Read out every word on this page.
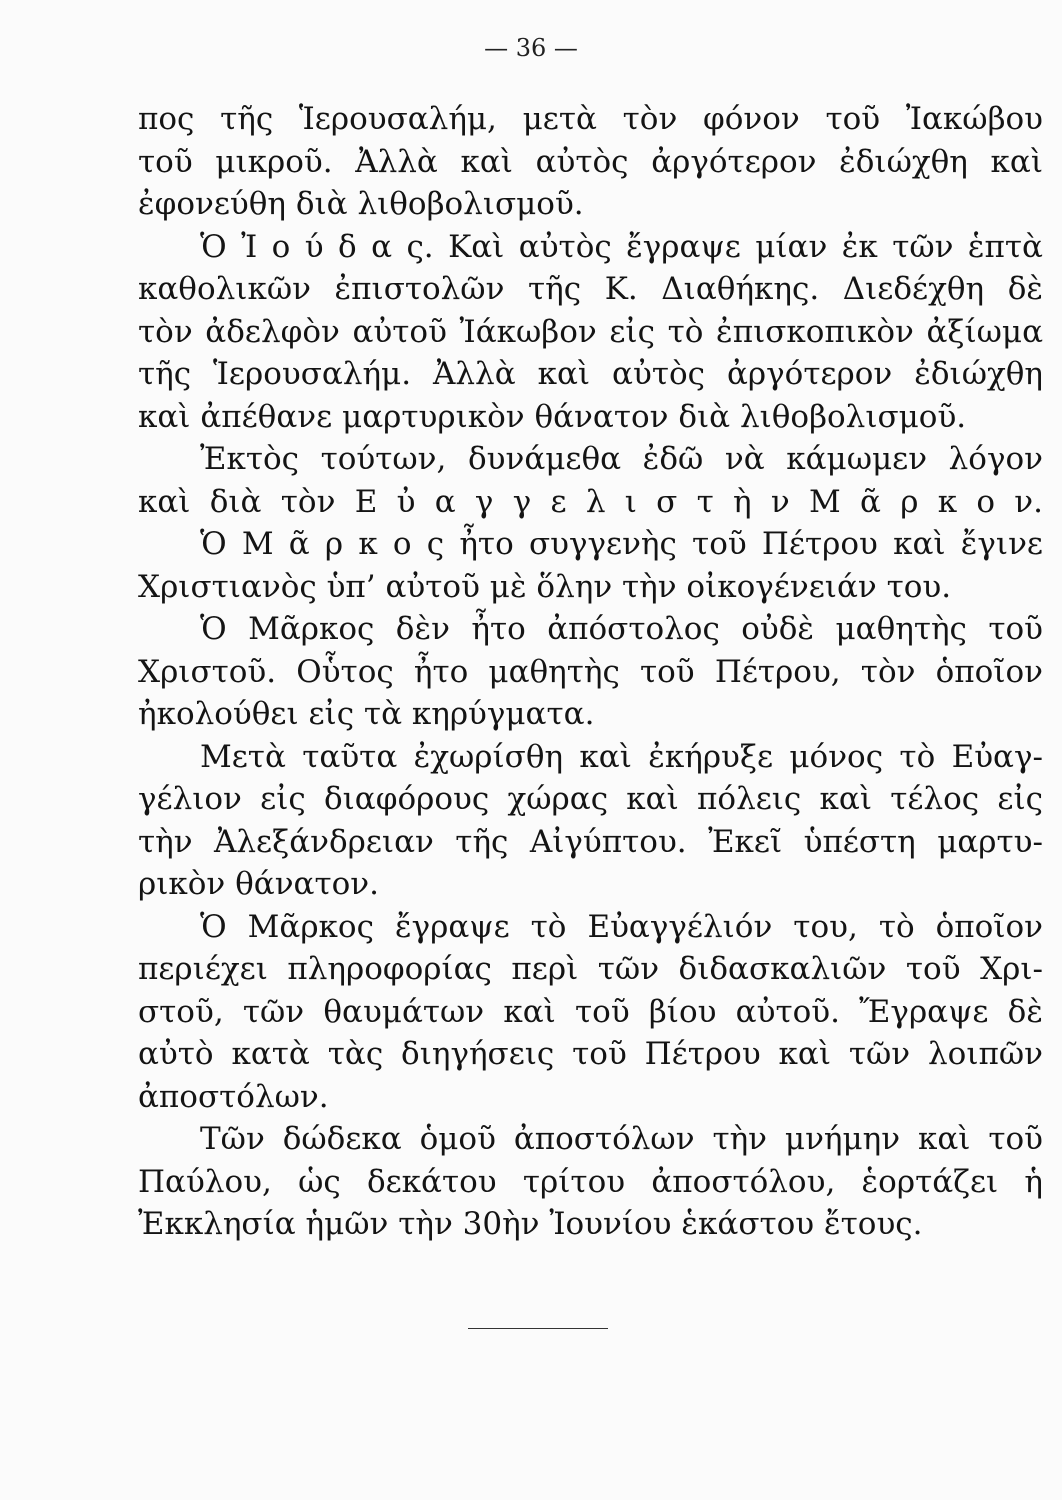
— 36 —
πος τῆς Ἱερουσαλήμ, μετὰ τὸν φόνον τοῦ Ἰακώβου
τοῦ μικροῦ. Ἀλλὰ καὶ αὐτὸς ἀργότερον ἐδιώχθη καὶ
ἐφονεύθη διὰ λιθοβολισμοῦ.
Ὁ Ἰ ο ύ δ α ς. Καὶ αὐτὸς ἔγραψε μίαν ἐκ τῶν ἑπτὰ
καθολικῶν ἐπιστολῶν τῆς Κ. Διαθήκης. Διεδέχθη δὲ
τὸν ἀδελφὸν αὐτοῦ Ἰάκωβον εἰς τὸ ἐπισκοπικὸν ἀξίωμα
τῆς Ἱερουσαλήμ. Ἀλλὰ καὶ αὐτὸς ἀργότερον ἐδιώχθη
καὶ ἀπέθανε μαρτυρικὸν θάνατον διὰ λιθοβολισμοῦ.
Ἐκτὸς τούτων, δυνάμεθα ἐδῶ νὰ κάμωμεν λόγον
καὶ διὰ τὸν Ε ὐ α γ γ ε λ ι σ τ ὴ ν Μ ᾶ ρ κ ο ν.
Ὁ Μ ᾶ ρ κ ο ς ἦτο συγγενὴς τοῦ Πέτρου καὶ ἔγινε
Χριστιανὸς ὑπ’ αὐτοῦ μὲ ὅλην τὴν οἰκογένειάν του.
Ὁ Μᾶρκος δὲν ἦτο ἀπόστολος οὐδὲ μαθητὴς τοῦ
Χριστοῦ. Οὗτος ἦτο μαθητὴς τοῦ Πέτρου, τὸν ὁποῖον
ἠκολούθει εἰς τὰ κηρύγματα.
Μετὰ ταῦτα ἐχωρίσθη καὶ ἐκήρυξε μόνος τὸ Εὐαγ-
γέλιον εἰς διαφόρους χώρας καὶ πόλεις καὶ τέλος εἰς
τὴν Ἀλεξάνδρειαν τῆς Αἰγύπτου. Ἐκεῖ ὑπέστη μαρτυ-
ρικὸν θάνατον.
Ὁ Μᾶρκος ἔγραψε τὸ Εὐαγγέλιόν του, τὸ ὁποῖον
περιέχει πληροφορίας περὶ τῶν διδασκαλιῶν τοῦ Χρι-
στοῦ, τῶν θαυμάτων καὶ τοῦ βίου αὐτοῦ. Ἔγραψε δὲ
αὐτὸ κατὰ τὰς διηγήσεις τοῦ Πέτρου καὶ τῶν λοιπῶν
ἀποστόλων.
Τῶν δώδεκα ὁμοῦ ἀποστόλων τὴν μνήμην καὶ τοῦ
Παύλου, ὡς δεκάτου τρίτου ἀποστόλου, ἑορτάζει ἡ
Ἐκκλησία ἡμῶν τὴν 30ὴν Ἰουνίου ἑκάστου ἔτους.
